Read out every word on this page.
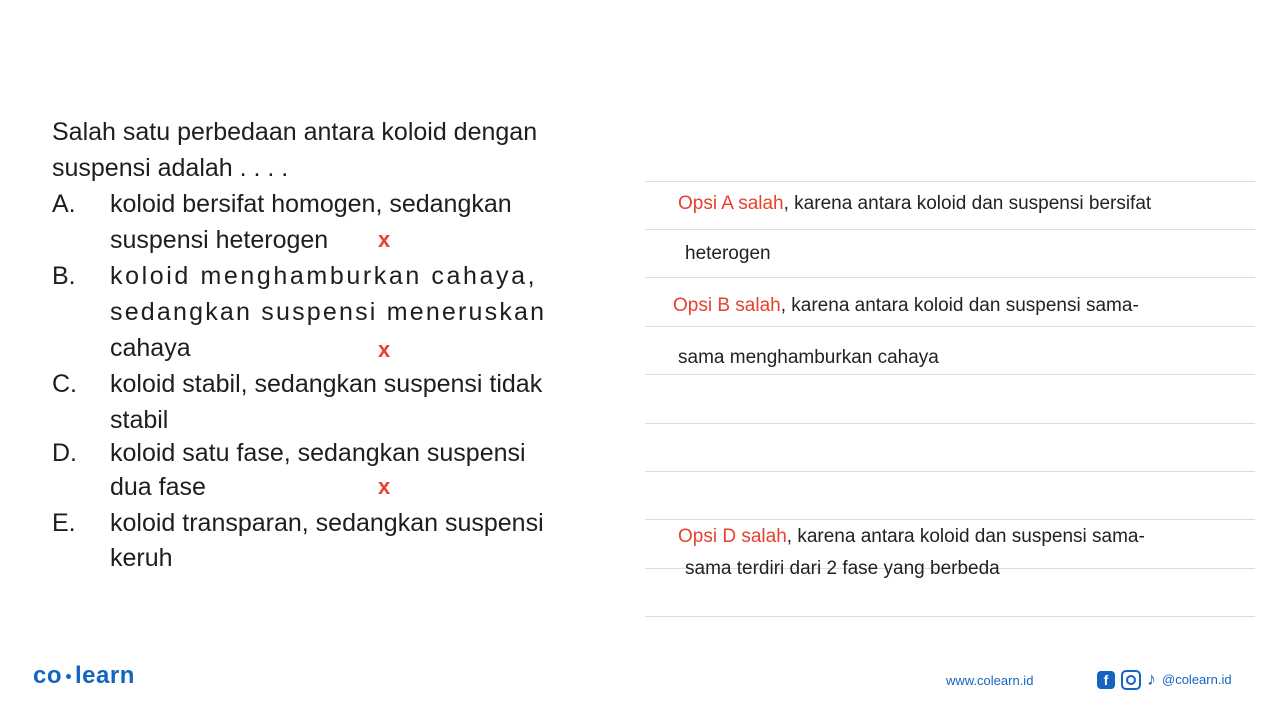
Salah satu perbedaan antara koloid dengan
suspensi adalah . . . .
A. koloid bersifat homogen, sedangkan
suspensi heterogen	x
B. koloid menghamburkan cahaya,
sedangkan suspensi meneruskan
cahaya	x
C. koloid stabil, sedangkan suspensi tidak
stabil
D. koloid satu fase, sedangkan suspensi
dua fase	x
E. koloid transparan, sedangkan suspensi
keruh
Opsi A salah, karena antara koloid dan suspensi bersifat
heterogen
Opsi B salah, karena antara koloid dan suspensi sama-
sama menghamburkan cahaya
Opsi D salah, karena antara koloid dan suspensi sama-
sama terdiri dari 2 fase yang berbeda
co learn	www.colearn.id	f	♪ @colearn.id
